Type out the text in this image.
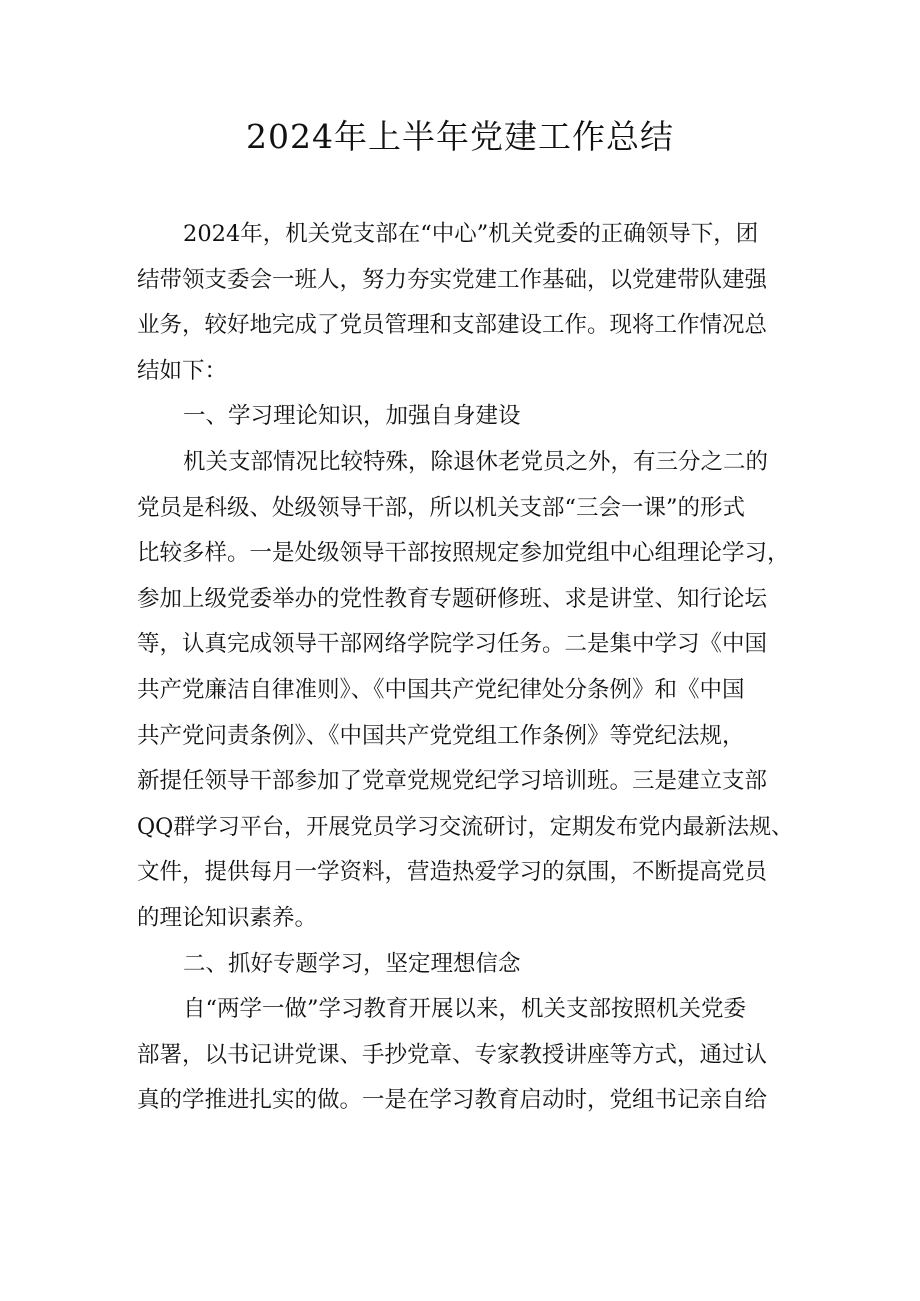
2024年上半年党建工作总结
2024年，机关党支部在“中心”机关党委的正确领导下，团
结带领支委会一班人，努力夯实党建工作基础，以党建带队建强
业务，较好地完成了党员管理和支部建设工作。现将工作情况总
结如下：
一、学习理论知识，加强自身建设
机关支部情况比较特殊，除退休老党员之外，有三分之二的
党员是科级、处级领导干部，所以机关支部“三会一课”的形式
比较多样。一是处级领导干部按照规定参加党组中心组理论学习，
参加上级党委举办的党性教育专题研修班、求是讲堂、知行论坛
等，认真完成领导干部网络学院学习任务。二是集中学习《中国
共产党廉洁自律准则》、《中国共产党纪律处分条例》和《中国
共产党问责条例》、《中国共产党党组工作条例》等党纪法规，
新提任领导干部参加了党章党规党纪学习培训班。三是建立支部
QQ群学习平台，开展党员学习交流研讨，定期发布党内最新法规、
文件，提供每月一学资料，营造热爱学习的氛围，不断提高党员
的理论知识素养。
二、抓好专题学习，坚定理想信念
自“两学一做”学习教育开展以来，机关支部按照机关党委
部署，以书记讲党课、手抄党章、专家教授讲座等方式，通过认
真的学推进扎实的做。一是在学习教育启动时，党组书记亲自给
